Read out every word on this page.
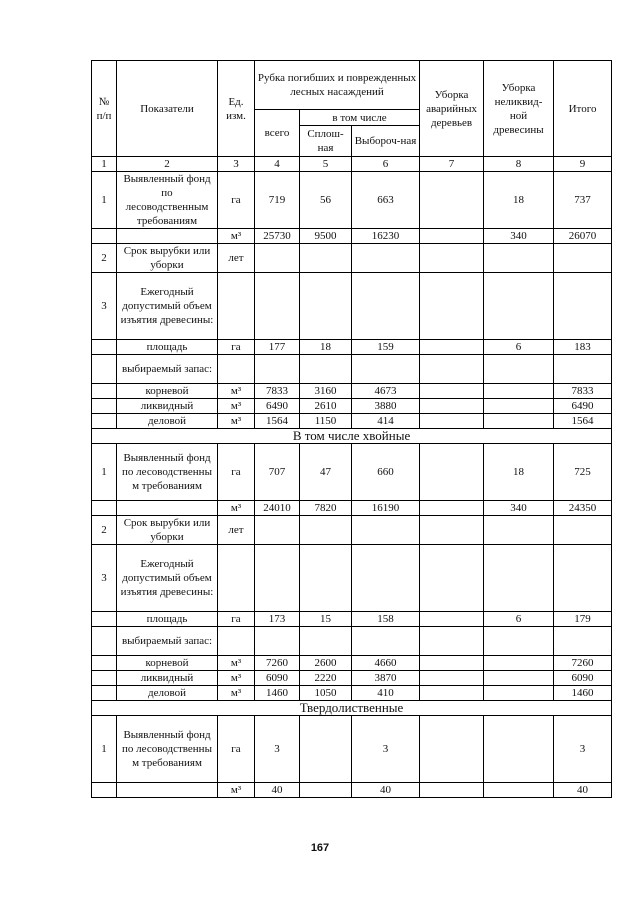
№ п/п	Показатели	Ед. изм.	Рубка погибших и поврежденных лесных насаждений			Уборка аварийных деревьев	Уборка неликвид-ной древесины	Итого
			всего	в том числе				
				Сплош-ная	Выбороч-ная			
1	2	3	4	5	6	7	8	9
1	Выявленный фонд по лесоводственным требованиям	га	719	56	663		18	737
		м³	25730	9500	16230		340	26070
2	Срок вырубки или уборки	лет						
3	Ежегодный допустимый объем изъятия древесины:							
	площадь	га	177	18	159		6	183
	выбираемый запас:							
	корневой	м³	7833	3160	4673			7833
	ликвидный	м³	6490	2610	3880			6490
	деловой	м³	1564	1150	414			1564
В том числе хвойные								
1	Выявленный фонд по лесоводственны м требованиям	га	707	47	660		18	725
		м³	24010	7820	16190		340	24350
2	Срок вырубки или уборки	лет						
3	Ежегодный допустимый объем изъятия древесины:							
	площадь	га	173	15	158		6	179
	выбираемый запас:							
	корневой	м³	7260	2600	4660			7260
	ликвидный	м³	6090	2220	3870			6090
	деловой	м³	1460	1050	410			1460
Твердолиственные								
1	Выявленный фонд по лесоводственны м требованиям	га	3		3			3
		м³	40		40			40
167
